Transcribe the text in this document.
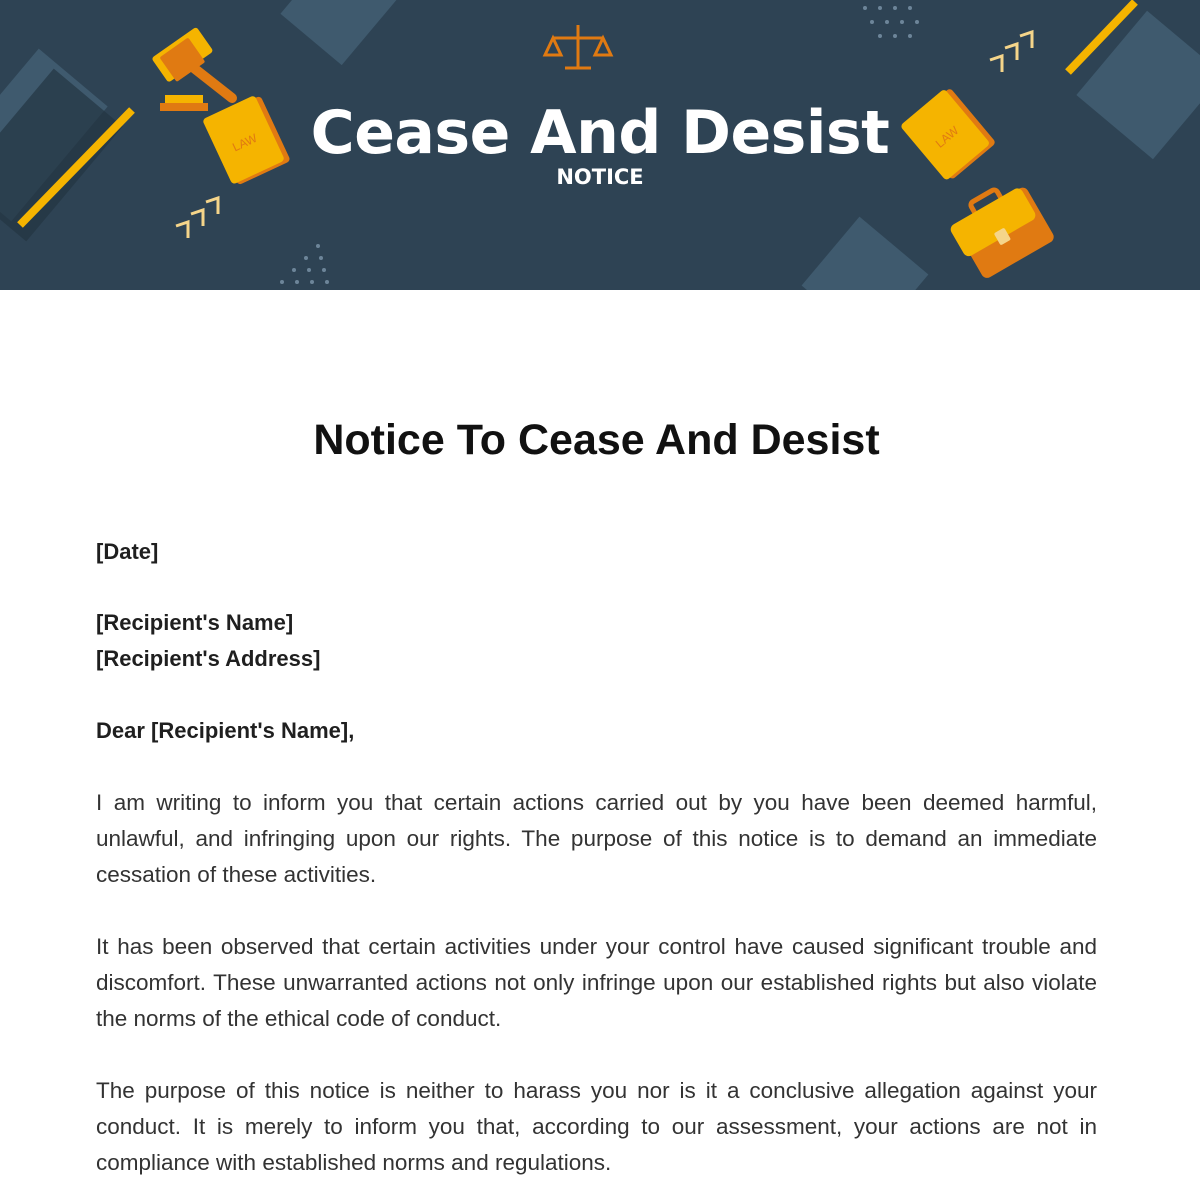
LAW	LAW
Cease And Desist
NOTICE
Notice To Cease And Desist
[Date]
[Recipient's Name]
[Recipient's Address]
Dear [Recipient's Name],

I am writing to inform you that certain actions carried out by you have been deemed harmful, unlawful, and infringing upon our rights. The purpose of this notice is to demand an immediate cessation of these activities.

It has been observed that certain activities under your control have caused significant trouble and discomfort. These unwarranted actions not only infringe upon our established rights but also violate the norms of the ethical code of conduct.

The purpose of this notice is neither to harass you nor is it a conclusive allegation against your conduct. It is merely to inform you that, according to our assessment, your actions are not in compliance with established norms and regulations.
